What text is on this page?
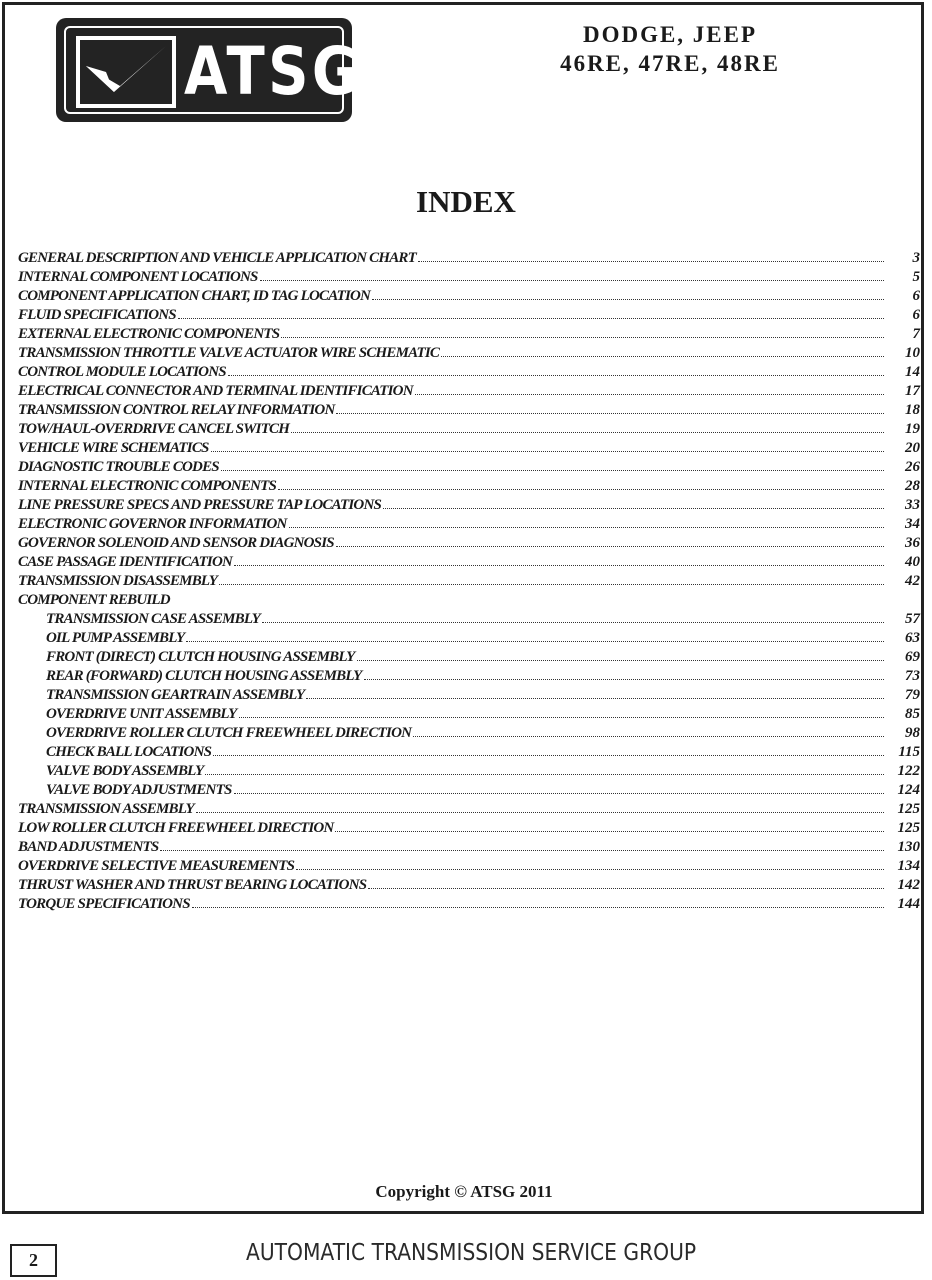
ATSG	DODGE, JEEP
46RE, 47RE, 48RE
INDEX
GENERAL DESCRIPTION AND VEHICLE APPLICATION CHART	3
INTERNAL COMPONENT LOCATIONS	5
COMPONENT APPLICATION CHART, ID TAG LOCATION	6
FLUID SPECIFICATIONS	6
EXTERNAL ELECTRONIC COMPONENTS	7
TRANSMISSION THROTTLE VALVE ACTUATOR WIRE SCHEMATIC	10
CONTROL MODULE LOCATIONS	14
ELECTRICAL CONNECTOR AND TERMINAL IDENTIFICATION	17
TRANSMISSION CONTROL RELAY INFORMATION	18
TOW/HAUL-OVERDRIVE CANCEL SWITCH	19
VEHICLE WIRE SCHEMATICS	20
DIAGNOSTIC TROUBLE CODES	26
INTERNAL ELECTRONIC COMPONENTS	28
LINE PRESSURE SPECS AND PRESSURE TAP LOCATIONS	33
ELECTRONIC GOVERNOR INFORMATION	34
GOVERNOR SOLENOID AND SENSOR DIAGNOSIS	36
CASE PASSAGE IDENTIFICATION	40
TRANSMISSION DISASSEMBLY	42
COMPONENT REBUILD
TRANSMISSION CASE ASSEMBLY	57
OIL PUMP ASSEMBLY	63
FRONT (DIRECT) CLUTCH HOUSING ASSEMBLY	69
REAR (FORWARD) CLUTCH HOUSING ASSEMBLY	73
TRANSMISSION GEARTRAIN ASSEMBLY	79
OVERDRIVE UNIT ASSEMBLY	85
OVERDRIVE ROLLER CLUTCH FREEWHEEL DIRECTION	98
CHECK BALL LOCATIONS	115
VALVE BODY ASSEMBLY	122
VALVE BODY ADJUSTMENTS	124
TRANSMISSION ASSEMBLY	125
LOW ROLLER CLUTCH FREEWHEEL DIRECTION	125
BAND ADJUSTMENTS	130
OVERDRIVE SELECTIVE MEASUREMENTS	134
THRUST WASHER AND THRUST BEARING LOCATIONS	142
TORQUE SPECIFICATIONS	144
Copyright © ATSG 2011
2	AUTOMATIC TRANSMISSION SERVICE GROUP
